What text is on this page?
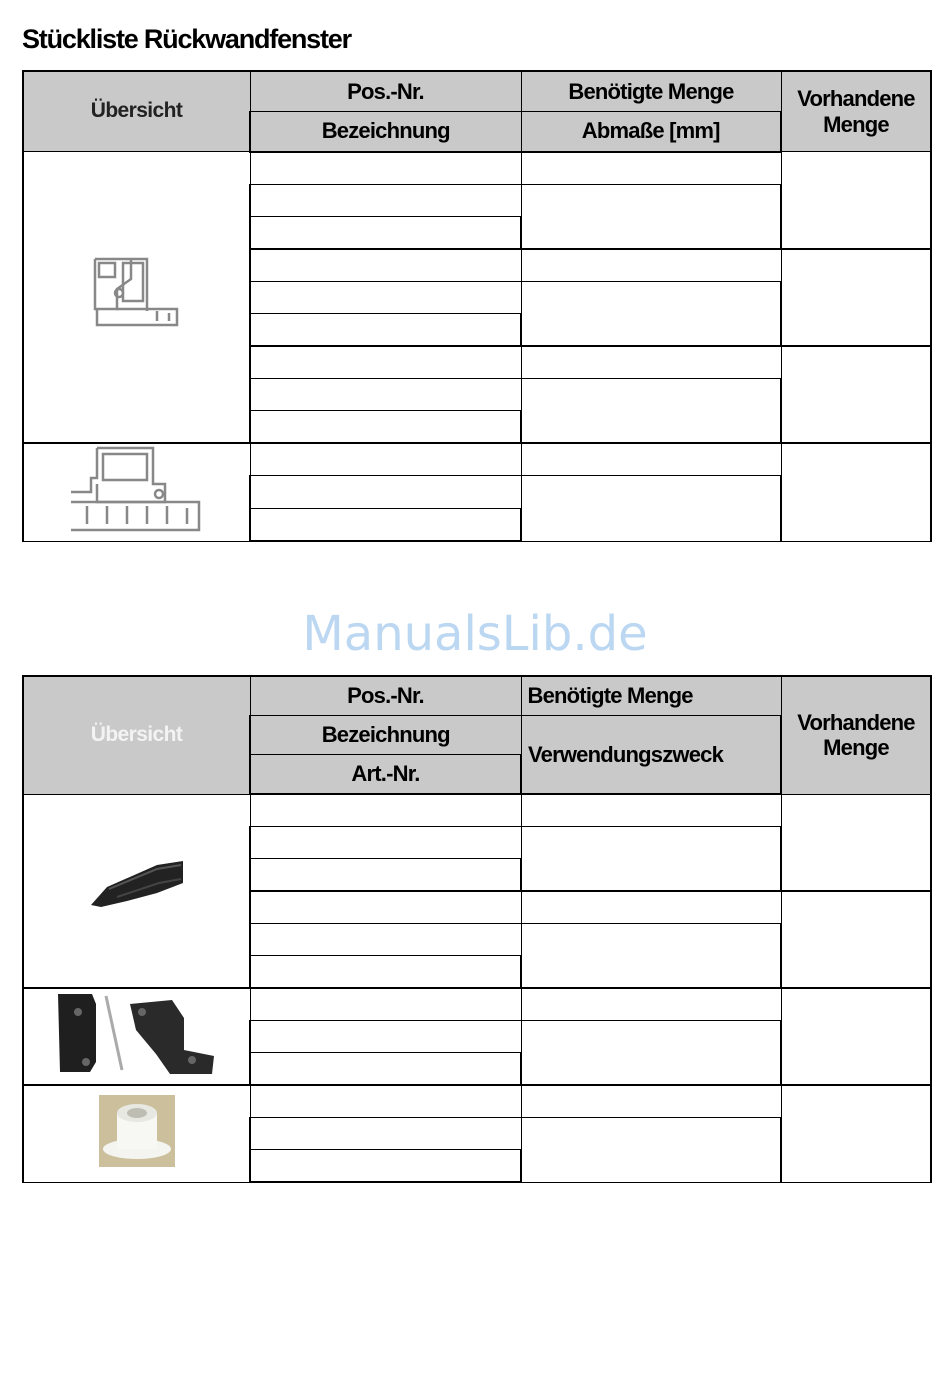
Stückliste Rückwandfenster
Übersicht	Pos.-Nr.	Benötigte Menge	Vorhandene Menge
	Bezeichnung	Abmaße [mm]	

ManualsLib.de
Übersicht	Pos.-Nr.	Benötigte Menge	Vorhandene Menge
	Bezeichnung	Verwendungszweck	
	Art.-Nr.		
